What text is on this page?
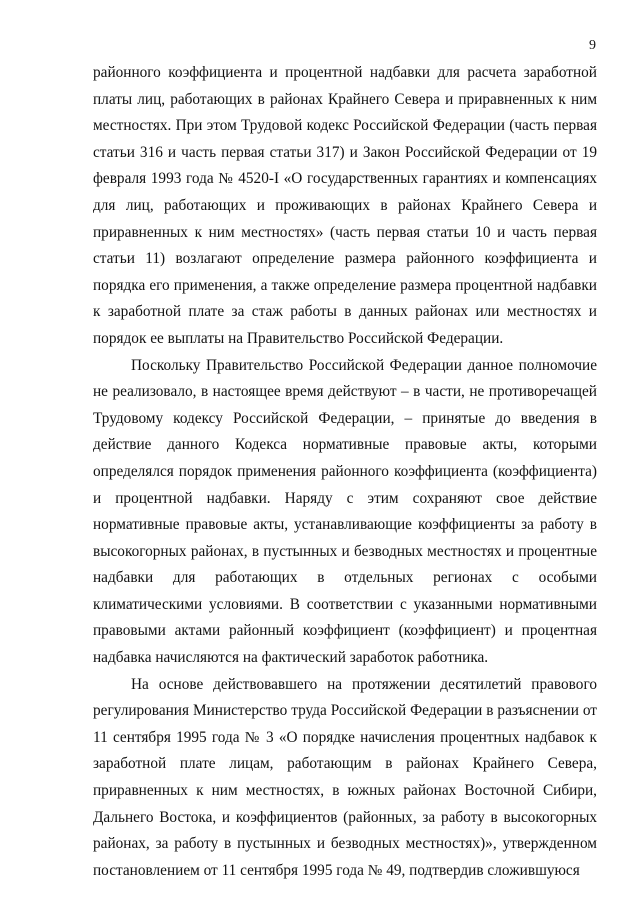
9

районного коэффициента и процентной надбавки для расчета заработной платы лиц, работающих в районах Крайнего Севера и приравненных к ним местностях. При этом Трудовой кодекс Российской Федерации (часть первая статьи 316 и часть первая статьи 317) и Закон Российской Федерации от 19 февраля 1993 года № 4520-I «О государственных гарантиях и компенсациях для лиц, работающих и проживающих в районах Крайнего Севера и приравненных к ним местностях» (часть первая статьи 10 и часть первая статьи 11) возлагают определение размера районного коэффициента и порядка его применения, а также определение размера процентной надбавки к заработной плате за стаж работы в данных районах или местностях и порядок ее выплаты на Правительство Российской Федерации.

Поскольку Правительство Российской Федерации данное полномочие не реализовало, в настоящее время действуют – в части, не противоречащей Трудовому кодексу Российской Федерации, – принятые до введения в действие данного Кодекса нормативные правовые акты, которыми определялся порядок применения районного коэффициента (коэффициента) и процентной надбавки. Наряду с этим сохраняют свое действие нормативные правовые акты, устанавливающие коэффициенты за работу в высокогорных районах, в пустынных и безводных местностях и процентные надбавки для работающих в отдельных регионах с особыми климатическими условиями. В соответствии с указанными нормативными правовыми актами районный коэффициент (коэффициент) и процентная надбавка начисляются на фактический заработок работника.

На основе действовавшего на протяжении десятилетий правового регулирования Министерство труда Российской Федерации в разъяснении от 11 сентября 1995 года № 3 «О порядке начисления процентных надбавок к заработной плате лицам, работающим в районах Крайнего Севера, приравненных к ним местностях, в южных районах Восточной Сибири, Дальнего Востока, и коэффициентов (районных, за работу в высокогорных районах, за работу в пустынных и безводных местностях)», утвержденном постановлением от 11 сентября 1995 года № 49, подтвердив сложившуюся
